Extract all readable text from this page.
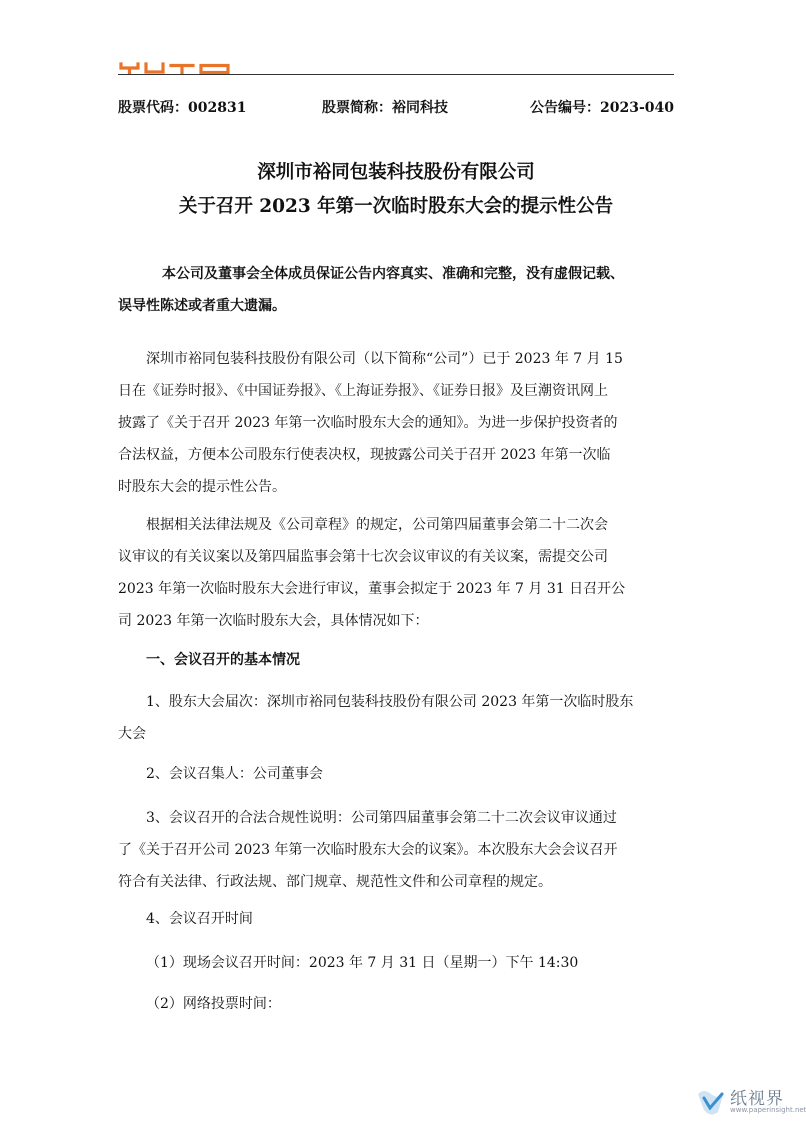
股票代码：002831	股票简称：裕同科技	公告编号：2023-040
深圳市裕同包装科技股份有限公司
关于召开 2023 年第一次临时股东大会的提示性公告
本公司及董事会全体成员保证公告内容真实、准确和完整，没有虚假记载、
误导性陈述或者重大遗漏。
深圳市裕同包装科技股份有限公司（以下简称“公司”）已于 2023 年 7 月 15
日在《证券时报》、《中国证券报》、《上海证券报》、《证券日报》及巨潮资讯网上
披露了《关于召开 2023 年第一次临时股东大会的通知》。为进一步保护投资者的
合法权益，方便本公司股东行使表决权，现披露公司关于召开 2023 年第一次临
时股东大会的提示性公告。
根据相关法律法规及《公司章程》的规定，公司第四届董事会第二十二次会
议审议的有关议案以及第四届监事会第十七次会议审议的有关议案，需提交公司
2023 年第一次临时股东大会进行审议，董事会拟定于 2023 年 7 月 31 日召开公
司 2023 年第一次临时股东大会，具体情况如下：
一、会议召开的基本情况
1、股东大会届次：深圳市裕同包装科技股份有限公司 2023 年第一次临时股东
大会
2、会议召集人：公司董事会
3、会议召开的合法合规性说明：公司第四届董事会第二十二次会议审议通过
了《关于召开公司 2023 年第一次临时股东大会的议案》。本次股东大会会议召开
符合有关法律、行政法规、部门规章、规范性文件和公司章程的规定。
4、会议召开时间
（1）现场会议召开时间：2023 年 7 月 31 日（星期一）下午 14:30
（2）网络投票时间：
纸视界
www.paperinsight.net
